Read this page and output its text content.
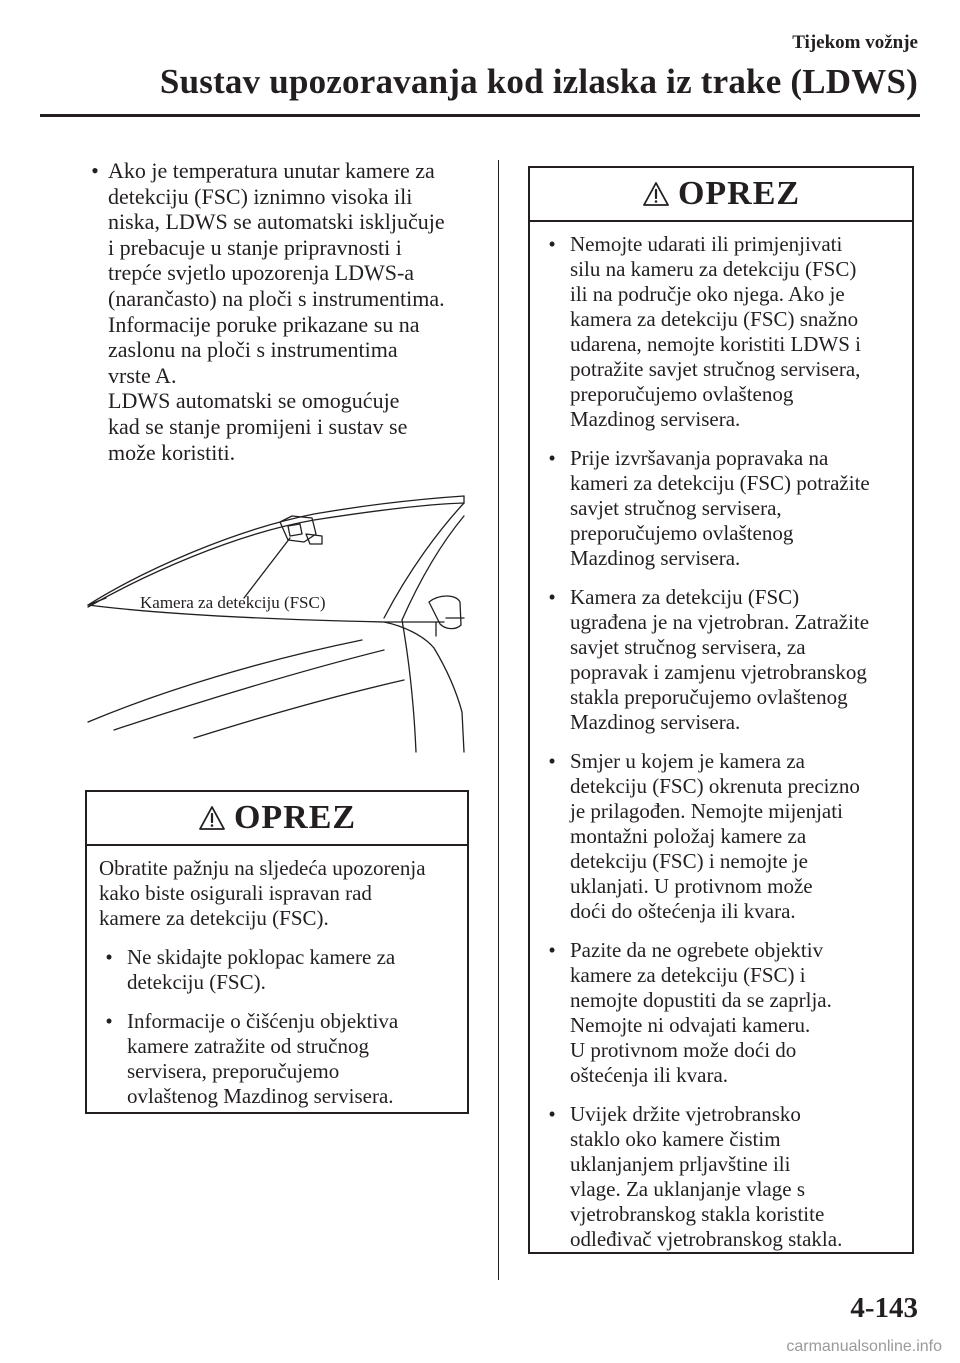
Tijekom vožnje
Sustav upozoravanja kod izlaska iz trake (LDWS)
• Ako je temperatura unutar kamere za
detekciju (FSC) iznimno visoka ili
niska, LDWS se automatski isključuje
i prebacuje u stanje pripravnosti i
trepće svjetlo upozorenja LDWS-a
(narančasto) na ploči s instrumentima.
Informacije poruke prikazane su na
zaslonu na ploči s instrumentima
vrste A.
LDWS automatski se omogućuje
kad se stanje promijeni i sustav se
može koristiti.
Kamera za detekciju (FSC)
OPREZ
Obratite pažnju na sljedeća upozorenja
kako biste osigurali ispravan rad
kamere za detekciju (FSC).
• Ne skidajte poklopac kamere za
detekciju (FSC).
• Informacije o čišćenju objektiva
kamere zatražite od stručnog
servisera, preporučujemo
ovlaštenog Mazdinog servisera.
OPREZ
• Nemojte udarati ili primjenjivati
silu na kameru za detekciju (FSC)
ili na područje oko njega. Ako je
kamera za detekciju (FSC) snažno
udarena, nemojte koristiti LDWS i
potražite savjet stručnog servisera,
preporučujemo ovlaštenog
Mazdinog servisera.
• Prije izvršavanja popravaka na
kameri za detekciju (FSC) potražite
savjet stručnog servisera,
preporučujemo ovlaštenog
Mazdinog servisera.
• Kamera za detekciju (FSC)
ugrađena je na vjetrobran. Zatražite
savjet stručnog servisera, za
popravak i zamjenu vjetrobranskog
stakla preporučujemo ovlaštenog
Mazdinog servisera.
• Smjer u kojem je kamera za
detekciju (FSC) okrenuta precizno
je prilagođen. Nemojte mijenjati
montažni položaj kamere za
detekciju (FSC) i nemojte je
uklanjati. U protivnom može
doći do oštećenja ili kvara.
• Pazite da ne ogrebete objektiv
kamere za detekciju (FSC) i
nemojte dopustiti da se zaprlja.
Nemojte ni odvajati kameru.
U protivnom može doći do
oštećenja ili kvara.
• Uvijek držite vjetrobransko
staklo oko kamere čistim
uklanjanjem prljavštine ili
vlage. Za uklanjanje vlage s
vjetrobranskog stakla koristite
odleđivač vjetrobranskog stakla.
4-143
carmanualsonline.info
